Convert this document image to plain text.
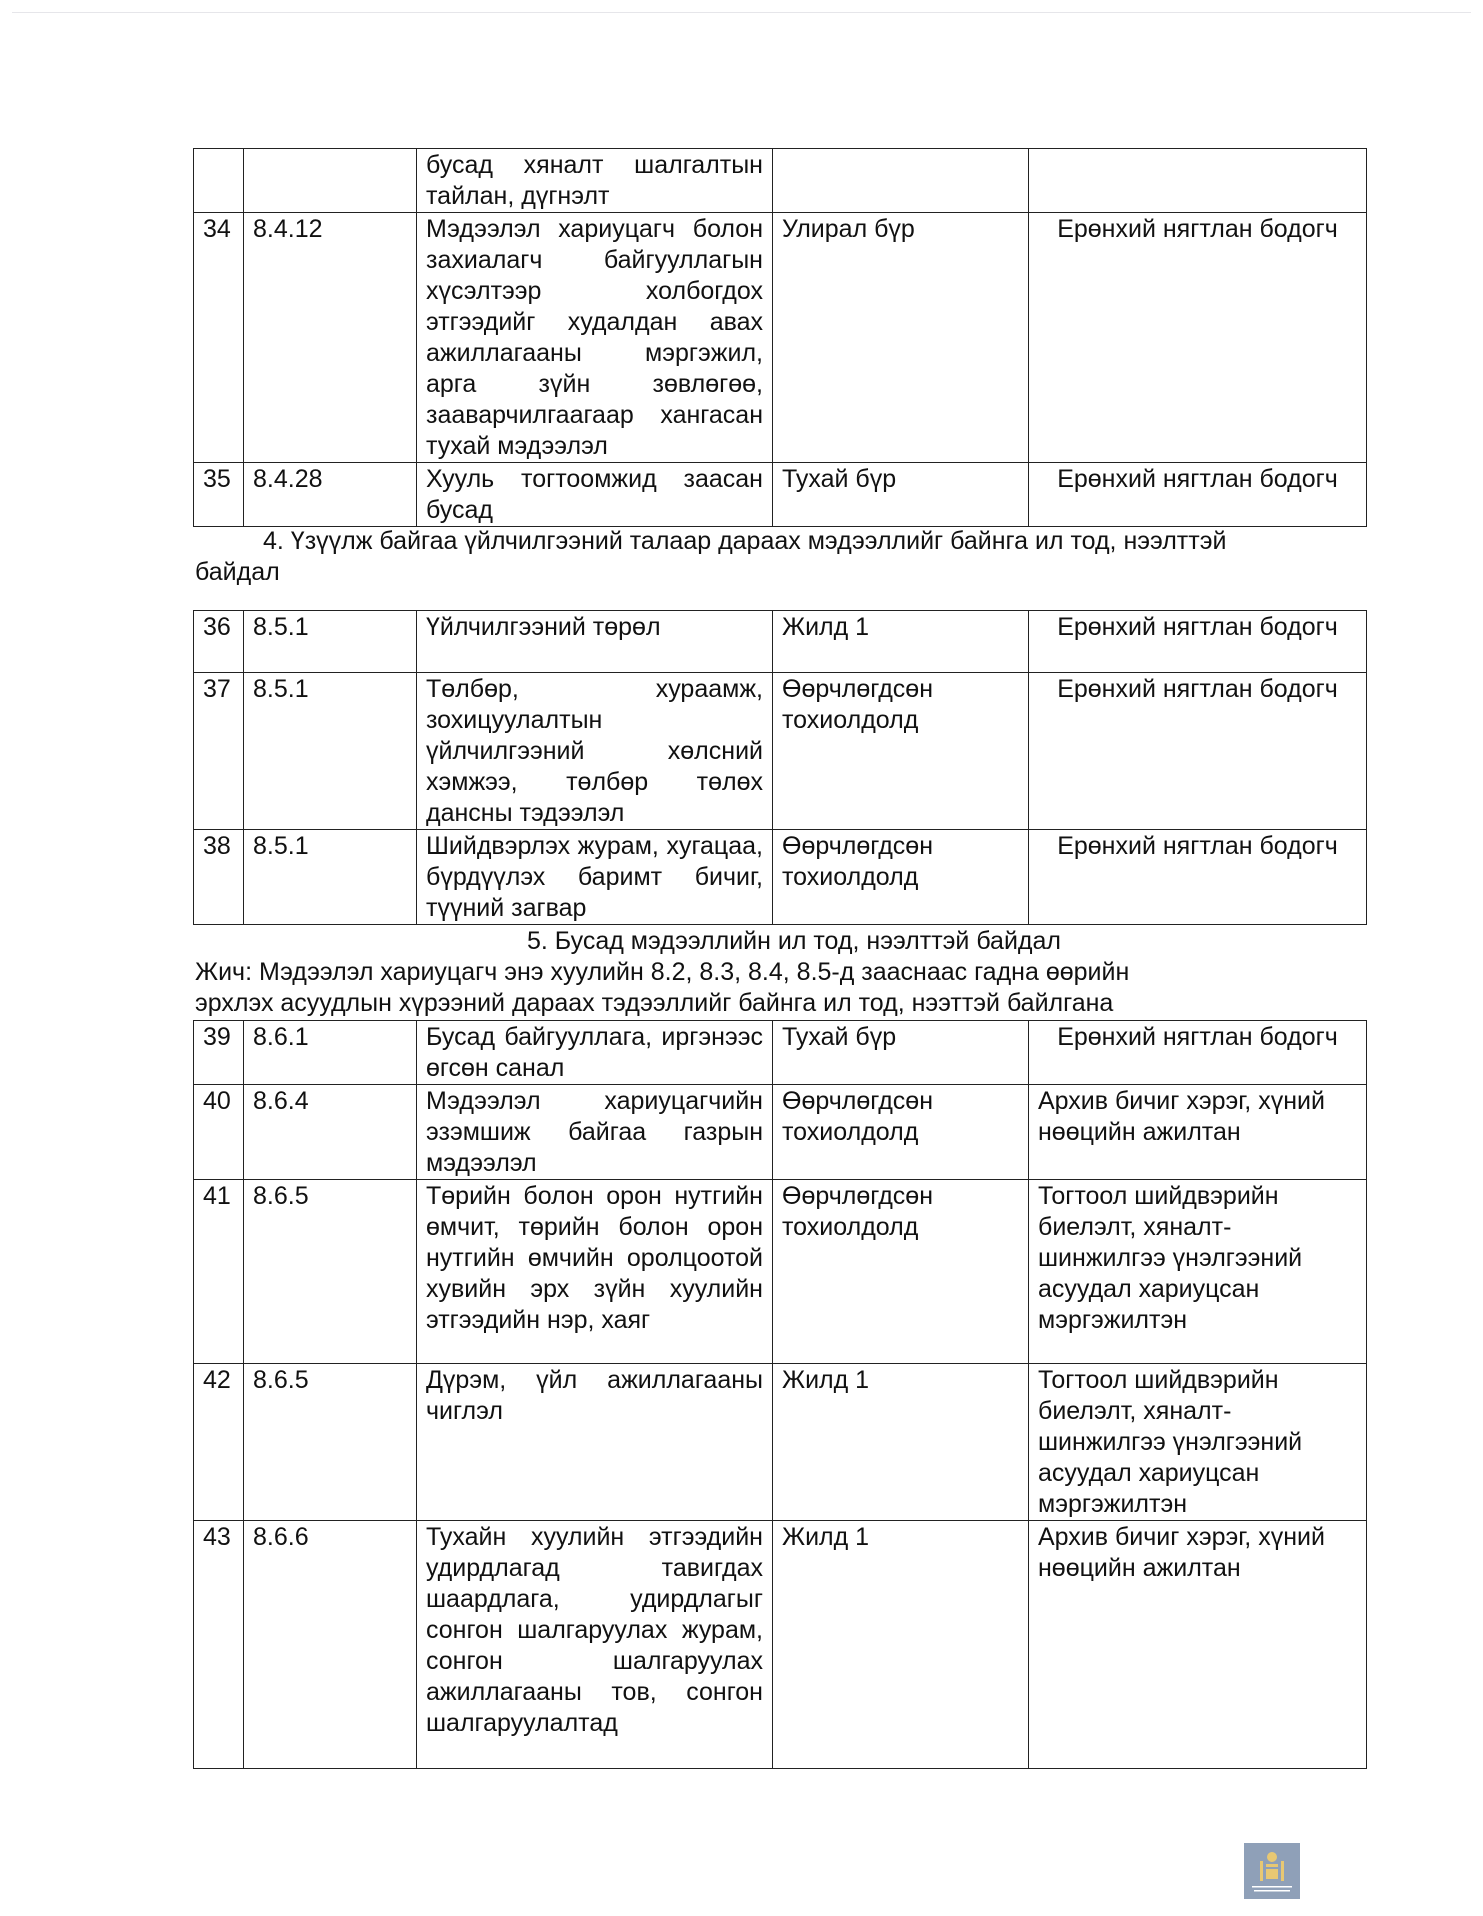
		бусад хяналт шалгалтын тайлан, дүгнэлт		
34	8.4.12	Мэдээлэл хариуцагч болон захиалагч байгууллагын хүсэлтээр холбогдох этгээдийг худалдан авах ажиллагааны мэргэжил, арга зүйн зөвлөгөө, зааварчилгаагаар хангасан тухай мэдээлэл	Улирал бүр	Ерөнхий нягтлан бодогч
35	8.4.28	Хууль тогтоомжид заасан бусад	Тухай бүр	Ерөнхий нягтлан бодогч
4. Үзүүлж байгаа үйлчилгээний талаар дараах мэдээллийг байнга ил тод, нээлттэй
байдал
36	8.5.1	Үйлчилгээний төрөл	Жилд 1	Ерөнхий нягтлан бодогч
37	8.5.1	Төлбөр, хураамж, зохицуулалтын үйлчилгээний хөлсний хэмжээ, төлбөр төлөх дансны тэдээлэл	Өөрчлөгдсөн тохиолдолд	Ерөнхий нягтлан бодогч
38	8.5.1	Шийдвэрлэх журам, хугацаа, бүрдүүлэх баримт бичиг, түүний загвар	Өөрчлөгдсөн тохиолдолд	Ерөнхий нягтлан бодогч
5. Бусад мэдээллийн ил тод, нээлттэй байдал
Жич: Мэдээлэл хариуцагч энэ хуулийн 8.2, 8.3, 8.4, 8.5-д зааснаас гадна өөрийн
эрхлэх асуудлын хүрээний дараах тэдээллийг байнга ил тод, нээттэй байлгана
39	8.6.1	Бусад байгууллага, иргэнээс өгсөн санал	Тухай бүр	Ерөнхий нягтлан бодогч
40	8.6.4	Мэдээлэл хариуцагчийн эзэмшиж байгаа газрын мэдээлэл	Өөрчлөгдсөн тохиолдолд	Архив бичиг хэрэг, хүний нөөцийн ажилтан
41	8.6.5	Төрийн болон орон нутгийн өмчит, төрийн болон орон нутгийн өмчийн оролцоотой хувийн эрх зүйн хуулийн этгээдийн нэр, хаяг	Өөрчлөгдсөн тохиолдолд	Тогтоол шийдвэрийн биелэлт, хяналт-шинжилгээ үнэлгээний асуудал хариуцсан мэргэжилтэн
42	8.6.5	Дүрэм, үйл ажиллагааны чиглэл	Жилд 1	Тогтоол шийдвэрийн биелэлт, хяналт-шинжилгээ үнэлгээний асуудал хариуцсан мэргэжилтэн
43	8.6.6	Тухайн хуулийн этгээдийн удирдлагад тавигдах шаардлага, удирдлагыг сонгон шалгаруулах журам, сонгон шалгаруулах ажиллагааны тов, сонгон шалгаруулалтад	Жилд 1	Архив бичиг хэрэг, хүний нөөцийн ажилтан
